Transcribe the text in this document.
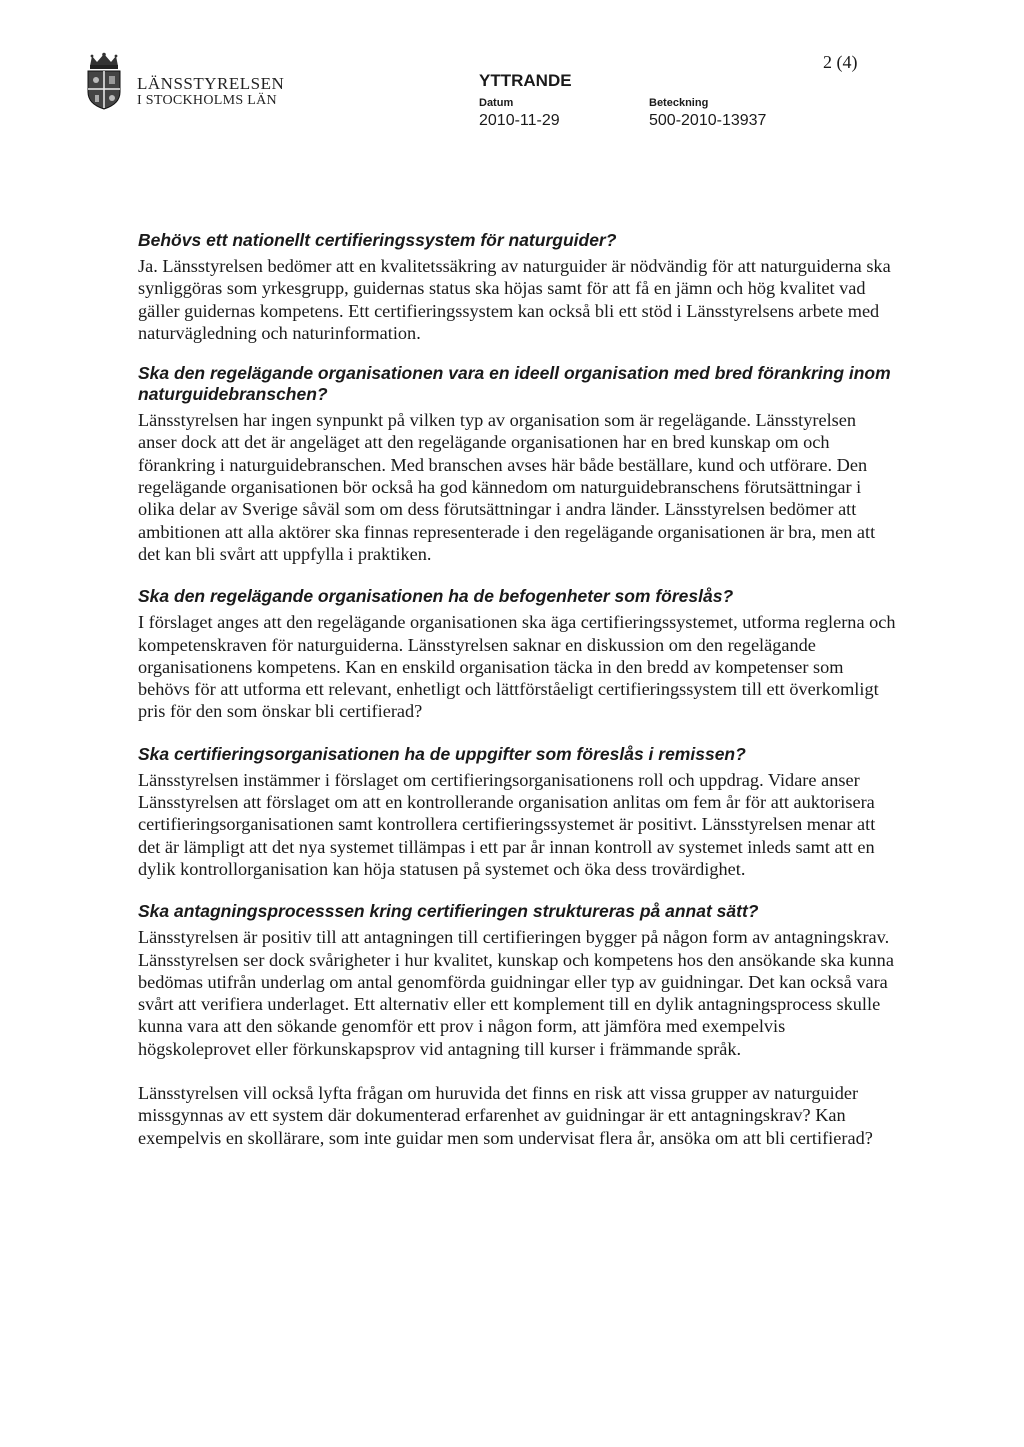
LÄNSSTYRELSEN
I STOCKHOLMS LÄN
YTTRANDE
Datum
2010-11-29
Beteckning
500-2010-13937
2 (4)
Behövs ett nationellt certifieringssystem för naturguider?

Ja. Länsstyrelsen bedömer att en kvalitetssäkring av naturguider är nödvändig för att naturguiderna ska synliggöras som yrkesgrupp, guidernas status ska höjas samt för att få en jämn och hög kvalitet vad gäller guidernas kompetens. Ett certifieringssystem kan också bli ett stöd i Länsstyrelsens arbete med naturvägledning och naturinformation.

Ska den regelägande organisationen vara en ideell organisation med bred förankring inom naturguidebranschen?

Länsstyrelsen har ingen synpunkt på vilken typ av organisation som är regelägande. Länsstyrelsen anser dock att det är angeläget att den regelägande organisationen har en bred kunskap om och förankring i naturguidebranschen. Med branschen avses här både beställare, kund och utförare. Den regelägande organisationen bör också ha god kännedom om naturguidebranschens förutsättningar i olika delar av Sverige såväl som om dess förutsättningar i andra länder. Länsstyrelsen bedömer att ambitionen att alla aktörer ska finnas representerade i den regelägande organisationen är bra, men att det kan bli svårt att uppfylla i praktiken.

Ska den regelägande organisationen ha de befogenheter som föreslås?

I förslaget anges att den regelägande organisationen ska äga certifieringssystemet, utforma reglerna och kompetenskraven för naturguiderna. Länsstyrelsen saknar en diskussion om den regelägande organisationens kompetens. Kan en enskild organisation täcka in den bredd av kompetenser som behövs för att utforma ett relevant, enhetligt och lättförståeligt certifieringssystem till ett överkomligt pris för den som önskar bli certifierad?

Ska certifieringsorganisationen ha de uppgifter som föreslås i remissen?

Länsstyrelsen instämmer i förslaget om certifieringsorganisationens roll och uppdrag. Vidare anser Länsstyrelsen att förslaget om att en kontrollerande organisation anlitas om fem år för att auktorisera certifieringsorganisationen samt kontrollera certifieringssystemet är positivt. Länsstyrelsen menar att det är lämpligt att det nya systemet tillämpas i ett par år innan kontroll av systemet inleds samt att en dylik kontrollorganisation kan höja statusen på systemet och öka dess trovärdighet.

Ska antagningsprocesssen kring certifieringen struktureras på annat sätt?

Länsstyrelsen är positiv till att antagningen till certifieringen bygger på någon form av antagningskrav. Länsstyrelsen ser dock svårigheter i hur kvalitet, kunskap och kompetens hos den ansökande ska kunna bedömas utifrån underlag om antal genomförda guidningar eller typ av guidningar. Det kan också vara svårt att verifiera underlaget. Ett alternativ eller ett komplement till en dylik antagningsprocess skulle kunna vara att den sökande genomför ett prov i någon form, att jämföra med exempelvis högskoleprovet eller förkunskapsprov vid antagning till kurser i främmande språk.

Länsstyrelsen vill också lyfta frågan om huruvida det finns en risk att vissa grupper av naturguider missgynnas av ett system där dokumenterad erfarenhet av guidningar är ett antagningskrav? Kan exempelvis en skollärare, som inte guidar men som undervisat flera år, ansöka om att bli certifierad?
